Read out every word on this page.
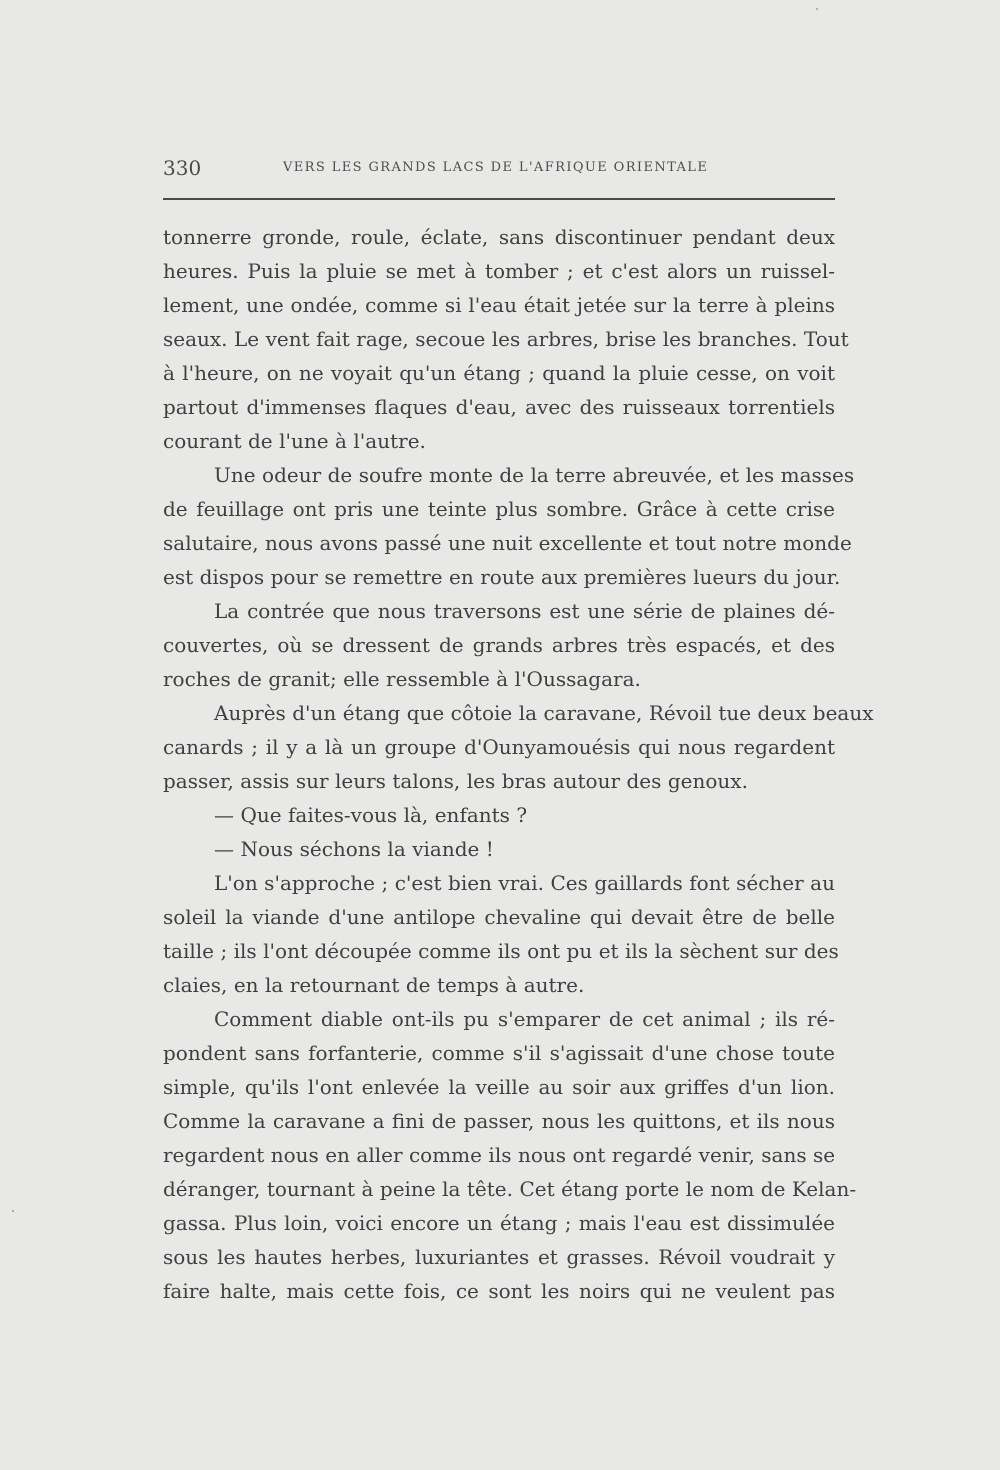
330	VERS LES GRANDS LACS DE L'AFRIQUE ORIENTALE
tonnerre gronde, roule, éclate, sans discontinuer pendant deux
heures. Puis la pluie se met à tomber ; et c'est alors un ruissel-
lement, une ondée, comme si l'eau était jetée sur la terre à pleins
seaux. Le vent fait rage, secoue les arbres, brise les branches. Tout
à l'heure, on ne voyait qu'un étang ; quand la pluie cesse, on voit
partout d'immenses flaques d'eau, avec des ruisseaux torrentiels
courant de l'une à l'autre.
Une odeur de soufre monte de la terre abreuvée, et les masses
de feuillage ont pris une teinte plus sombre. Grâce à cette crise
salutaire, nous avons passé une nuit excellente et tout notre monde
est dispos pour se remettre en route aux premières lueurs du jour.
La contrée que nous traversons est une série de plaines dé-
couvertes, où se dressent de grands arbres très espacés, et des
roches de granit; elle ressemble à l'Oussagara.
Auprès d'un étang que côtoie la caravane, Révoil tue deux beaux
canards ; il y a là un groupe d'Ounyamouésis qui nous regardent
passer, assis sur leurs talons, les bras autour des genoux.
— Que faites-vous là, enfants ?
— Nous séchons la viande !
L'on s'approche ; c'est bien vrai. Ces gaillards font sécher au
soleil la viande d'une antilope chevaline qui devait être de belle
taille ; ils l'ont découpée comme ils ont pu et ils la sèchent sur des
claies, en la retournant de temps à autre.
Comment diable ont-ils pu s'emparer de cet animal ; ils ré-
pondent sans forfanterie, comme s'il s'agissait d'une chose toute
simple, qu'ils l'ont enlevée la veille au soir aux griffes d'un lion.
Comme la caravane a fini de passer, nous les quittons, et ils nous
regardent nous en aller comme ils nous ont regardé venir, sans se
déranger, tournant à peine la tête. Cet étang porte le nom de Kelan-
gassa. Plus loin, voici encore un étang ; mais l'eau est dissimulée
sous les hautes herbes, luxuriantes et grasses. Révoil voudrait y
faire halte, mais cette fois, ce sont les noirs qui ne veulent pas
